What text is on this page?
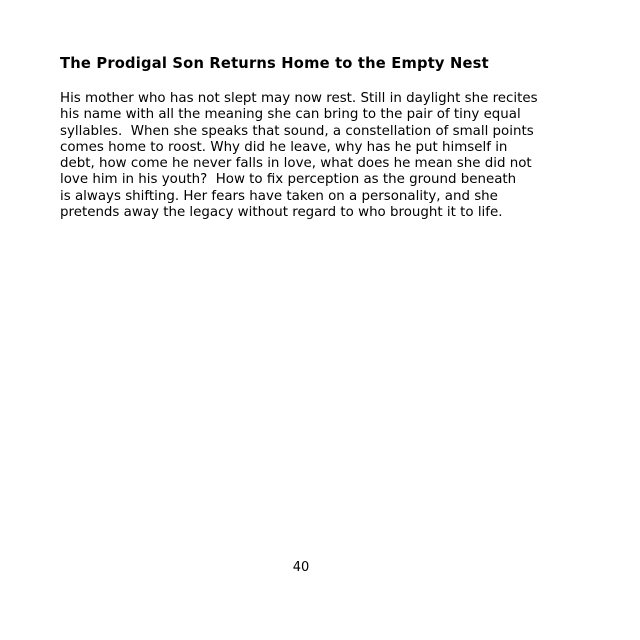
The Prodigal Son Returns Home to the Empty Nest
His mother who has not slept may now rest. Still in daylight she recites
his name with all the meaning she can bring to the pair of tiny equal
syllables.  When she speaks that sound, a constellation of small points
comes home to roost. Why did he leave, why has he put himself in
debt, how come he never falls in love, what does he mean she did not
love him in his youth?  How to fix perception as the ground beneath
is always shifting. Her fears have taken on a personality, and she
pretends away the legacy without regard to who brought it to life.
40
